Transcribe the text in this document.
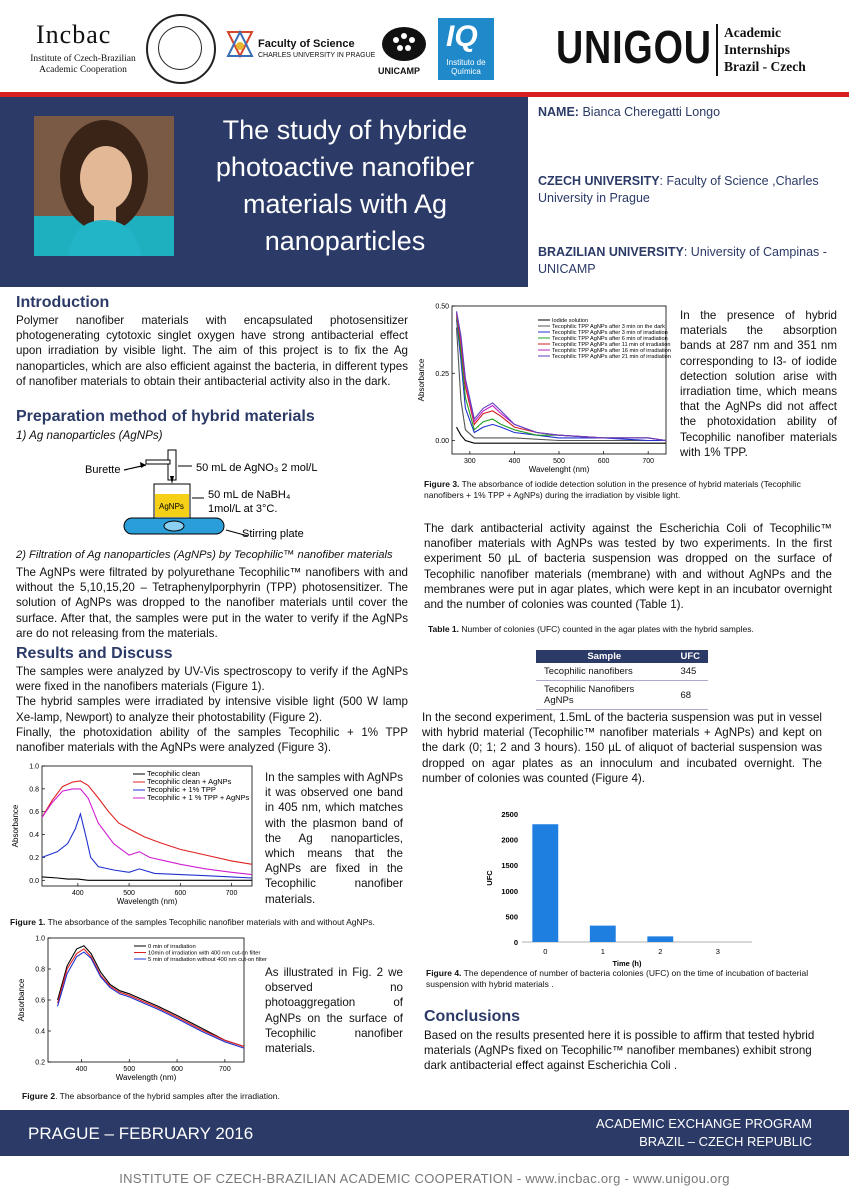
Incbac
Institute of Czech-Brazilian Academic Cooperation
Faculty of Science
CHARLES UNIVERSITY IN PRAGUE
UNICAMP
IQ
Instituto de Química UNIGOU Academic
Internships
Brazil - Czech
The study of hybride photoactive nanofiber materials with Ag nanoparticles
NAME: Bianca Cheregatti Longo
CZECH UNIVERSITY: Faculty of Science ,Charles University in Prague
BRAZILIAN UNIVERSITY: University of Campinas - UNICAMP
Introduction
Polymer nanofiber materials with encapsulated photosensitizer photogenerating cytotoxic singlet oxygen have strong antibacterial effect upon irradiation by visible light. The aim of this project is to fix the Ag nanoparticles, which are also efficient against the bacteria, in different types of nanofiber materials to obtain their antibacterial activity also in the dark.
Preparation method of hybrid materials
1) Ag nanoparticles (AgNPs)
Burette	50 mL de AgNO₃ 2 mol/L
AgNPs
50 mL de NaBH₄
1mol/L at 3°C.
Stirring plate
2) Filtration of Ag nanoparticles (AgNPs) by Tecophilic™ nanofiber materials
The AgNPs were filtrated by polyurethane Tecophilic™ nanofibers with and without the 5,10,15,20 – Tetraphenylporphyrin (TPP) photosensitizer. The solution of AgNPs was dropped to the nanofiber materials until cover the surface. After that, the samples were put in the water to verify if the AgNPs are do not releasing from the materials.
Results and Discuss
The samples were analyzed by UV-Vis spectroscopy to verify if the AgNPs were fixed in the nanofibers materials (Figure 1).
The hybrid samples were irradiated by intensive visible light (500 W lamp Xe-lamp, Newport) to analyze their photostability (Figure 2).
Finally, the photoxidation ability of the samples Tecophilic + 1% TPP nanofiber materials with the AgNPs were analyzed (Figure 3).
400	500	600	700
0.0
0.2
0.4
0.6
0.8
1.0
Wavelength (nm)
Absorbance
Tecophilic clean
Tecophilic clean + AgNPs
Tecophilic + 1% TPP
Tecophilic + 1 % TPP + AgNPs
In the samples with AgNPs it was observed one band in 405 nm, which matches with the plasmon band of the Ag nanoparticles, which means that the AgNPs are fixed in the Tecophilic nanofiber materials.
Figure 1. The absorbance of the samples Tecophilic nanofiber materials with and without AgNPs.
400	500	600	700
0.2
0.4
0.6
0.8
1.0
Wavelength (nm)
Absorbance
0 min of irradiation
10min of irradiation with 400 nm cut-on filter
5 min of irradiation without 400 nm cut-on filter
As illustrated in Fig. 2 we observed no photoaggregation of AgNPs on the surface of Tecophilic nanofiber materials.
Figure 2. The absorbance of the hybrid samples after the irradiation.
300	400	500	600	700
0.00
0.25
0.50
Wavelenght (nm)
Absorbance
Iodide solution
Tecophilic TPP AgNPs after 3 min on the dark
Tecophilic TPP AgNPs after 3 min of irradiation
Tecophilic TPP AgNPs after 6 min of irradiation
Tecophilic TPP AgNPs after 11 min of irradiation
Tecophilic TPP AgNPs after 16 min of irradiation
Tecophilic TPP AgNPs after 21 min of irradiation
In the presence of hybrid materials the absorption bands at 287 nm and 351 nm corresponding to I3- of iodide detection solution arise with irradiation time, which means that the AgNPs did not affect the photoxidation ability of Tecophilic nanofiber materials with 1% TPP.
Figure 3. The absorbance of iodide detection solution in the presence of hybrid materials (Tecophilic nanofibers + 1% TPP + AgNPs) during the irradiation by visible light.
The dark antibacterial activity against the Escherichia Coli of Tecophilic™ nanofiber materials with AgNPs was tested by two experiments. In the first experiment 50 µL of bacteria suspension was dropped on the surface of Tecophilic nanofiber materials (membrane) with and without AgNPs and the membranes were put in agar plates, which were kept in an incubator overnight and the number of colonies was counted (Table 1).
Table 1. Number of colonies (UFC) counted in the agar plates with the hybrid samples.
Sample	UFC
Tecophilic nanofibers	345
Tecophilic Nanofibers AgNPs	68
In the second experiment, 1.5mL of the bacteria suspension was put in vessel with hybrid material (Tecophilic™ nanofiber materials + AgNPs) and kept on the dark (0; 1; 2 and 3 hours). 150 µL of aliquot of bacterial suspension was dropped on agar plates as an innoculum and incubated overnight. The number of colonies was counted (Figure 4).
0
500
1000
1500
2000
2500
0	1	2	3
Time (h)
UFC
Figure 4. The dependence of number of bacteria colonies (UFC) on the time of incubation of bacterial suspension with hybrid materials .
Conclusions
Based on the results presented here it is possible to affirm that tested hybrid materials (AgNPs fixed on Tecophilic™ nanofiber membanes) exhibit strong dark antibacterial effect against Escherichia Coli .
PRAGUE – FEBRUARY 2016
ACADEMIC EXCHANGE PROGRAM
BRAZIL – CZECH REPUBLIC
INSTITUTE OF CZECH-BRAZILIAN ACADEMIC COOPERATION - www.incbac.org - www.unigou.org
